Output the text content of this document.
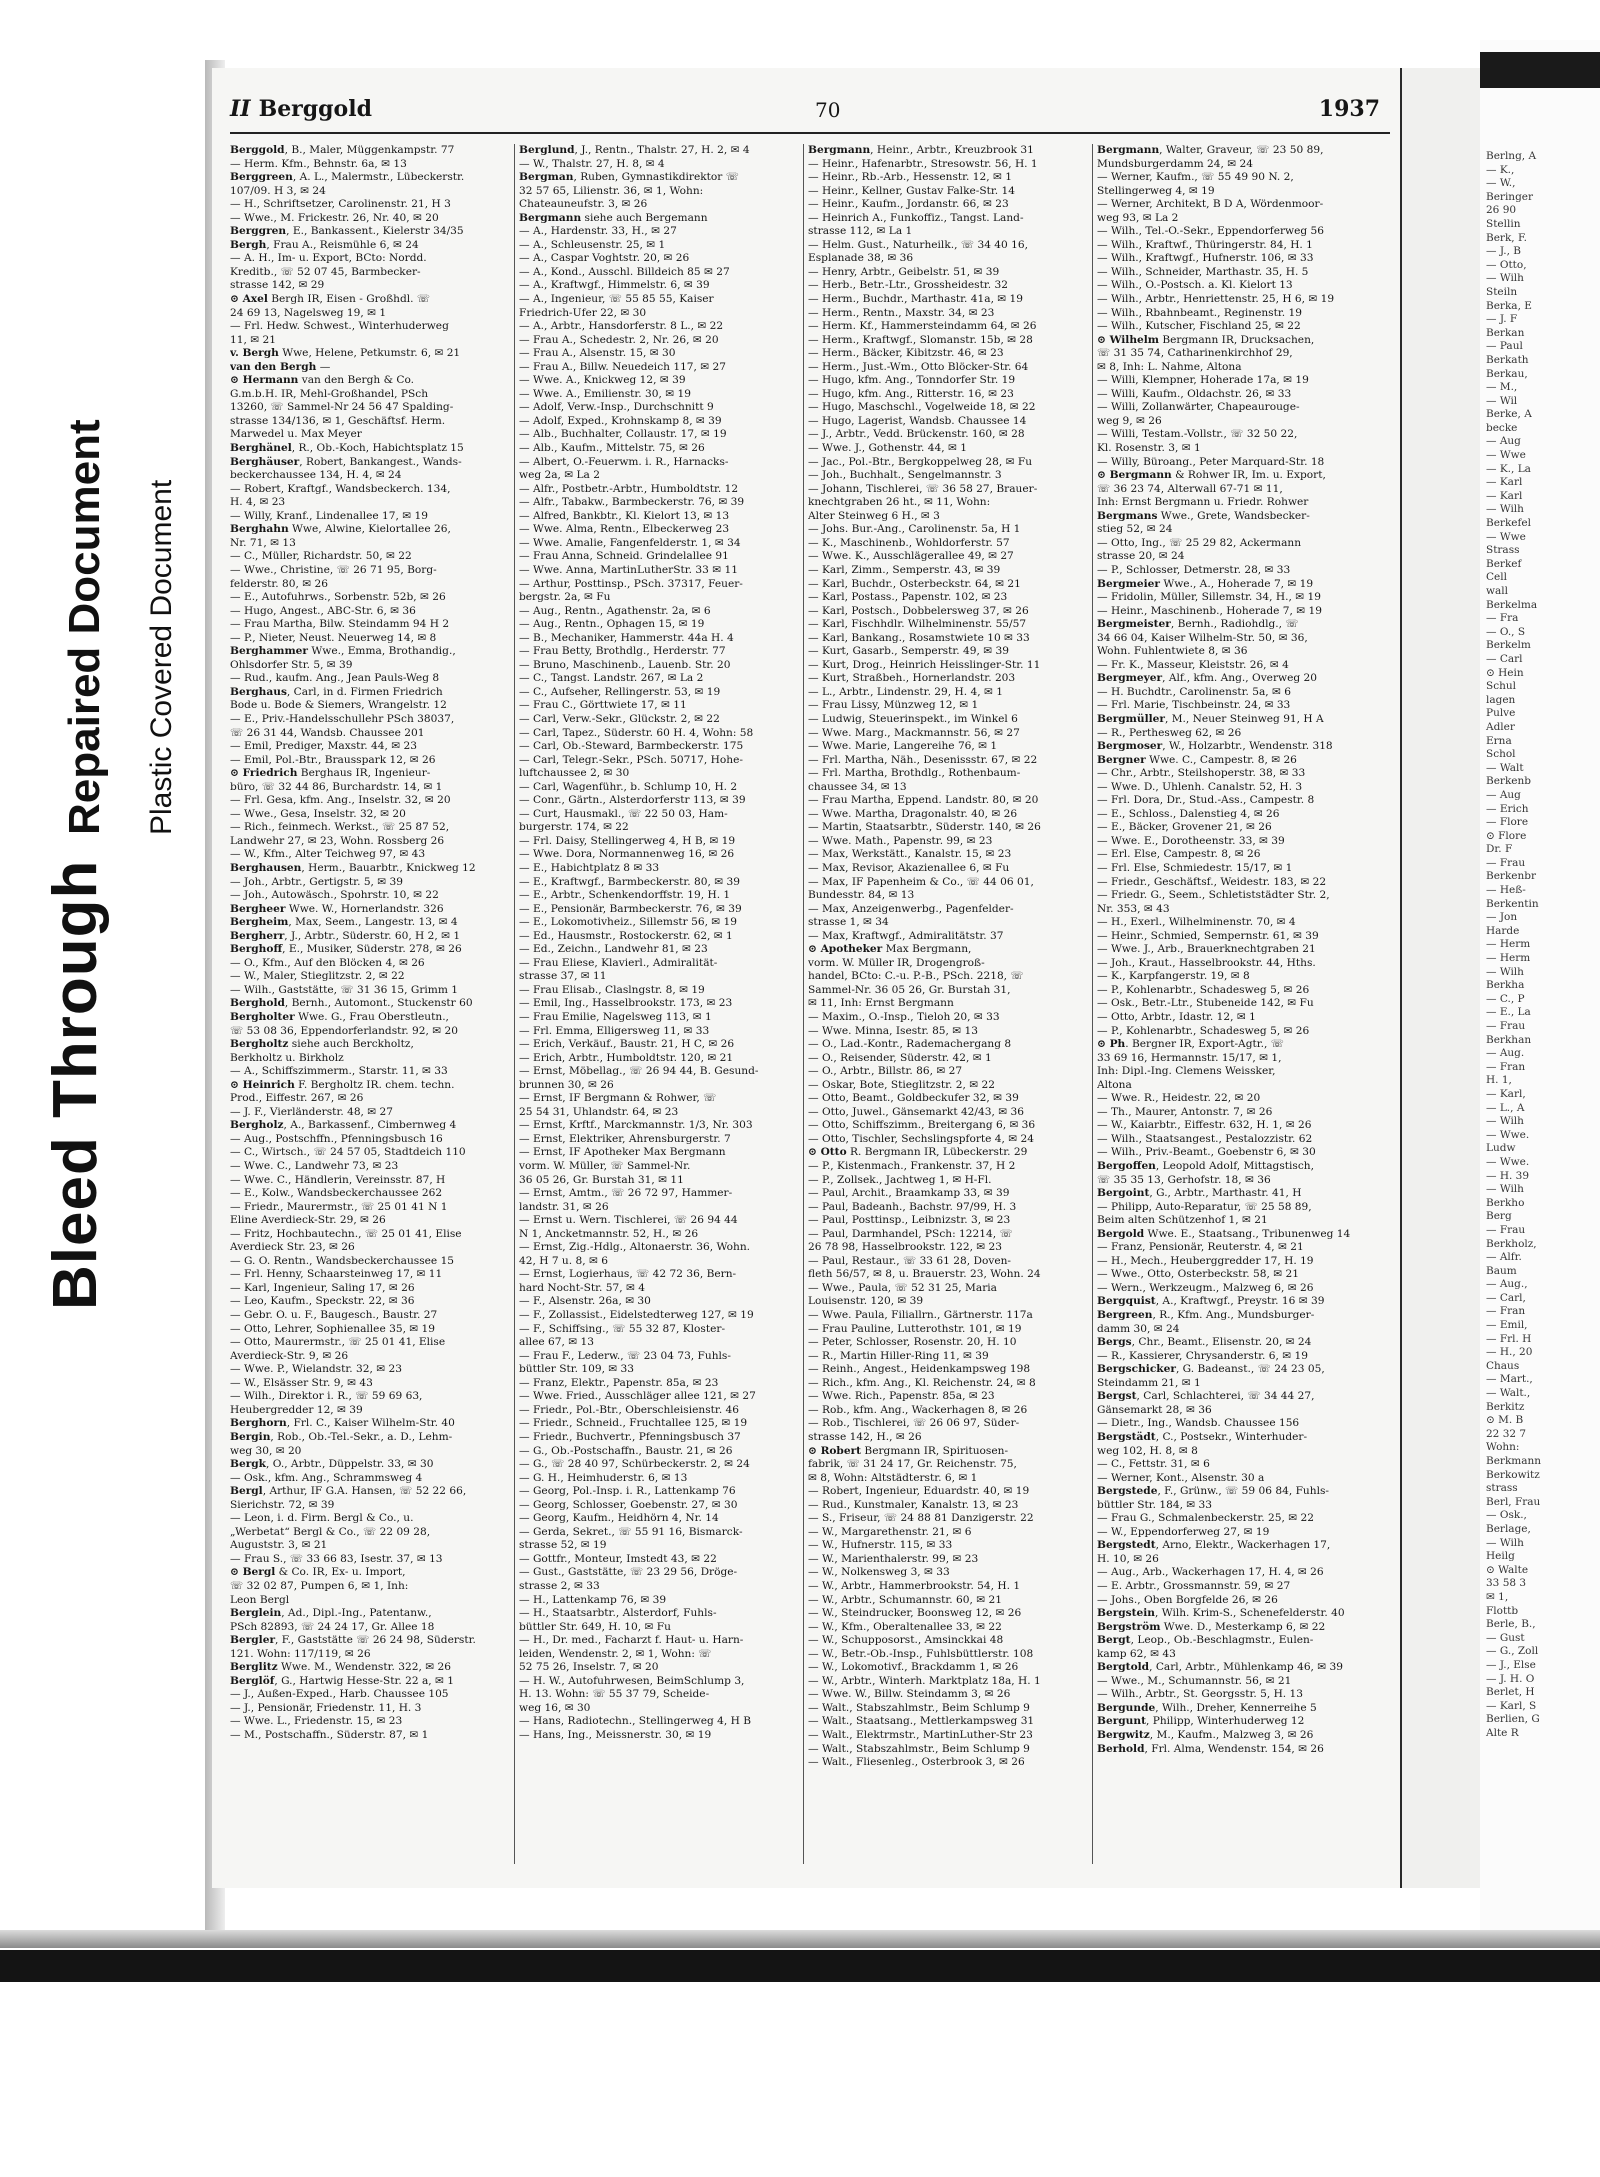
Bleed Through
Repaired Document Plastic Covered Document
II Berggold	70	1937

Berggold, B., Maler, Müggenkampstr. 77

— Herm. Kfm., Behnstr. 6a, ✉ 13

Berggreen, A. L., Malermstr., Lübeckerstr.

107/09. H 3, ✉ 24

— H., Schriftsetzer, Carolinenstr. 21, H 3

— Wwe., M. Frickestr. 26, Nr. 40, ✉ 20

Berggren, E., Bankassent., Kielerstr 34/35

Bergh, Frau A., Reismühle 6, ✉ 24

— A. H., Im- u. Export, BCto: Nordd.

Kreditb., ☏ 52 07 45, Barmbecker-

strasse 142, ✉ 29

⊙ Axel Bergh IR, Eisen - Großhdl. ☏

24 69 13, Nagelsweg 19, ✉ 1

— Frl. Hedw. Schwest., Winterhuderweg

11, ✉ 21

v. Bergh Wwe, Helene, Petkumstr. 6, ✉ 21

van den Bergh —

⊙ Hermann van den Bergh & Co.

G.m.b.H. IR, Mehl-Großhandel, PSch

13260, ☏ Sammel-Nr 24 56 47 Spalding-

strasse 134/136, ✉ 1, Geschäftsf. Herm.

Marwedel u. Max Meyer

Berghänel, R., Ob.-Koch, Habichtsplatz 15

Berghäuser, Robert, Bankangest., Wands-

beckerchaussee 134, H. 4, ✉ 24

— Robert, Kraftgf., Wandsbeckerch. 134,

H. 4, ✉ 23

— Willy, Kranf., Lindenallee 17, ✉ 19

Berghahn Wwe, Alwine, Kielortallee 26,

Nr. 71, ✉ 13

— C., Müller, Richardstr. 50, ✉ 22

— Wwe., Christine, ☏ 26 71 95, Borg-

felderstr. 80, ✉ 26

— E., Autofuhrws., Sorbenstr. 52b, ✉ 26

— Hugo, Angest., ABC-Str. 6, ✉ 36

— Frau Martha, Bilw. Steindamm 94 H 2

— P., Nieter, Neust. Neuerweg 14, ✉ 8

Berghammer Wwe., Emma, Brothandig.,

Ohlsdorfer Str. 5, ✉ 39

— Rud., kaufm. Ang., Jean Pauls-Weg 8

Berghaus, Carl, in d. Firmen Friedrich

Bode u. Bode & Siemers, Wrangelstr. 12

— E., Priv.-Handelsschullehr PSch 38037,

☏ 26 31 44, Wandsb. Chaussee 201

— Emil, Prediger, Maxstr. 44, ✉ 23

— Emil, Pol.-Btr., Brausspark 12, ✉ 26

⊙ Friedrich Berghaus IR, Ingenieur-

büro, ☏ 32 44 86, Burchardstr. 14, ✉ 1

— Frl. Gesa, kfm. Ang., Inselstr. 32, ✉ 20

— Wwe., Gesa, Inselstr. 32, ✉ 20

— Rich., feinmech. Werkst., ☏ 25 87 52,

Landwehr 27, ✉ 23, Wohn. Rossberg 26

— W., Kfm., Alter Teichweg 97, ✉ 43

Berghausen, Herm., Bauarbtr., Knickweg 12

— Joh., Arbtr., Gertigstr. 5, ✉ 39

— Joh., Autowäsch., Spohrstr. 10, ✉ 22

Bergheer Wwe. W., Hornerlandstr. 326

Bergheim, Max, Seem., Langestr. 13, ✉ 4

Bergherr, J., Arbtr., Süderstr. 60, H 2, ✉ 1

Berghoff, E., Musiker, Süderstr. 278, ✉ 26

— O., Kfm., Auf den Blöcken 4, ✉ 26

— W., Maler, Stieglitzstr. 2, ✉ 22

— Wilh., Gaststätte, ☏ 31 36 15, Grimm 1

Berghold, Bernh., Automont., Stuckenstr 60

Bergholter Wwe. G., Frau Oberstleutn.,

☏ 53 08 36, Eppendorferlandstr. 92, ✉ 20

Bergholtz siehe auch Berckholtz,

Berkholtz u. Birkholz

— A., Schiffszimmerm., Starstr. 11, ✉ 33

⊙ Heinrich F. Bergholtz IR. chem. techn.

Prod., Eiffestr. 267, ✉ 26

— J. F., Vierländerstr. 48, ✉ 27

Bergholz, A., Barkassenf., Cimbernweg 4

— Aug., Postschffn., Pfenningsbusch 16

— C., Wirtsch., ☏ 24 57 05, Stadtdeich 110

— Wwe. C., Landwehr 73, ✉ 23

— Wwe. C., Händlerin, Vereinsstr. 87, H

— E., Kolw., Wandsbeckerchaussee 262

— Friedr., Maurermstr., ☏ 25 01 41 N 1

Eline Averdieck-Str. 29, ✉ 26

— Fritz, Hochbautechn., ☏ 25 01 41, Elise

Averdieck Str. 23, ✉ 26

— G. O. Rentn., Wandsbeckerchaussee 15

— Frl. Henny, Schaarsteinweg 17, ✉ 11

— Karl, Ingenieur, Saling 17, ✉ 26

— Leo, Kaufm., Speckstr. 22, ✉ 36

— Gebr. O. u. F., Baugesch., Baustr. 27

— Otto, Lehrer, Sophienallee 35, ✉ 19

— Otto, Maurermstr., ☏ 25 01 41, Elise

Averdieck-Str. 9, ✉ 26

— Wwe. P., Wielandstr. 32, ✉ 23

— W., Elsässer Str. 9, ✉ 43

— Wilh., Direktor i. R., ☏ 59 69 63,

Heubergredder 12, ✉ 39

Berghorn, Frl. C., Kaiser Wilhelm-Str. 40

Bergin, Rob., Ob.-Tel.-Sekr., a. D., Lehm-

weg 30, ✉ 20

Bergk, O., Arbtr., Düppelstr. 33, ✉ 30

— Osk., kfm. Ang., Schrammsweg 4

Bergl, Arthur, IF G.A. Hansen, ☏ 52 22 66,

Sierichstr. 72, ✉ 39

— Leon, i. d. Firm. Bergl & Co., u.

„Werbetat“ Bergl & Co., ☏ 22 09 28,

Auguststr. 3, ✉ 21

— Frau S., ☏ 33 66 83, Isestr. 37, ✉ 13

⊙ Bergl & Co. IR, Ex- u. Import,

☏ 32 02 87, Pumpen 6, ✉ 1, Inh:

Leon Bergl

Berglein, Ad., Dipl.-Ing., Patentanw.,

PSch 82893, ☏ 24 24 17, Gr. Allee 18

Bergler, F., Gaststätte ☏ 26 24 98, Süderstr.

121. Wohn: 117/119, ✉ 26

Berglitz Wwe. M., Wendenstr. 322, ✉ 26

Berglöf, G., Hartwig Hesse-Str. 22 a, ✉ 1

— J., Außen-Exped., Harb. Chaussee 105

— J., Pensionär, Friedenstr. 11, H. 3

— Wwe. L., Friedenstr. 15, ✉ 23

— M., Postschaffn., Süderstr. 87, ✉ 1

Berglund, J., Rentn., Thalstr. 27, H. 2, ✉ 4

— W., Thalstr. 27, H. 8, ✉ 4

Bergman, Ruben, Gymnastikdirektor ☏

32 57 65, Lilienstr. 36, ✉ 1, Wohn:

Chateauneufstr. 3, ✉ 26

Bergmann siehe auch Bergemann

— A., Hardenstr. 33, H., ✉ 27

— A., Schleusenstr. 25, ✉ 1

— A., Caspar Voghtstr. 20, ✉ 26

— A., Kond., Ausschl. Billdeich 85 ✉ 27

— A., Kraftwgf., Himmelstr. 6, ✉ 39

— A., Ingenieur, ☏ 55 85 55, Kaiser

Friedrich-Ufer 22, ✉ 30

— A., Arbtr., Hansdorferstr. 8 L., ✉ 22

— Frau A., Schedestr. 2, Nr. 26, ✉ 20

— Frau A., Alsenstr. 15, ✉ 30

— Frau A., Billw. Neuedeich 117, ✉ 27

— Wwe. A., Knickweg 12, ✉ 39

— Wwe. A., Emilienstr. 30, ✉ 19

— Adolf, Verw.-Insp., Durchschnitt 9

— Adolf, Exped., Krohnskamp 8, ✉ 39

— Alb., Buchhalter, Collaustr. 17, ✉ 19

— Alb., Kaufm., Mittelstr. 75, ✉ 26

— Albert, O.-Feuerwm. i. R., Harnacks-

weg 2a, ✉ La 2

— Alfr., Postbetr.-Arbtr., Humboldtstr. 12

— Alfr., Tabakw., Barmbeckerstr. 76, ✉ 39

— Alfred, Bankbtr., Kl. Kielort 13, ✉ 13

— Wwe. Alma, Rentn., Elbeckerweg 23

— Wwe. Amalie, Fangenfelderstr. 1, ✉ 34

— Frau Anna, Schneid. Grindelallee 91

— Wwe. Anna, MartinLutherStr. 33 ✉ 11

— Arthur, Posttinsp., PSch. 37317, Feuer-

bergstr. 2a, ✉ Fu

— Aug., Rentn., Agathenstr. 2a, ✉ 6

— Aug., Rentn., Ophagen 15, ✉ 19

— B., Mechaniker, Hammerstr. 44a H. 4

— Frau Betty, Brothdlg., Herderstr. 77

— Bruno, Maschinenb., Lauenb. Str. 20

— C., Tangst. Landstr. 267, ✉ La 2

— C., Aufseher, Rellingerstr. 53, ✉ 19

— Frau C., Görttwiete 17, ✉ 11

— Carl, Verw.-Sekr., Glückstr. 2, ✉ 22

— Carl, Tapez., Süderstr. 60 H. 4, Wohn: 58

— Carl, Ob.-Steward, Barmbeckerstr. 175

— Carl, Telegr.-Sekr., PSch. 50717, Hohe-

luftchaussee 2, ✉ 30

— Carl, Wagenführ., b. Schlump 10, H. 2

— Conr., Gärtn., Alsterdorferstr 113, ✉ 39

— Curt, Hausmakl., ☏ 22 50 03, Ham-

burgerstr. 174, ✉ 22

— Frl. Daisy, Stellingerweg 4, H B, ✉ 19

— Wwe. Dora, Normannenweg 16, ✉ 26

— E., Habichtplatz 8 ✉ 33

— E., Kraftwgf., Barmbeckerstr. 80, ✉ 39

— E., Arbtr., Schenkendorffstr. 19, H. 1

— E., Pensionär, Barmbeckerstr. 76, ✉ 39

— E., Lokomotivheiz., Sillemstr 56, ✉ 19

— Ed., Hausmstr., Rostockerstr. 62, ✉ 1

— Ed., Zeichn., Landwehr 81, ✉ 23

— Frau Eliese, Klavierl., Admiralität-

strasse 37, ✉ 11

— Frau Elisab., Claslngstr. 8, ✉ 19

— Emil, Ing., Hasselbrookstr. 173, ✉ 23

— Frau Emilie, Nagelsweg 113, ✉ 1

— Frl. Emma, Elligersweg 11, ✉ 33

— Erich, Verkäuf., Baustr. 21, H C, ✉ 26

— Erich, Arbtr., Humboldtstr. 120, ✉ 21

— Ernst, Möbellag., ☏ 26 94 44, B. Gesund-

brunnen 30, ✉ 26

— Ernst, IF Bergmann & Rohwer, ☏

25 54 31, Uhlandstr. 64, ✉ 23

— Ernst, Krftf., Marckmannstr. 1/3, Nr. 303

— Ernst, Elektriker, Ahrensburgerstr. 7

— Ernst, IF Apotheker Max Bergmann

vorm. W. Müller, ☏ Sammel-Nr.

36 05 26, Gr. Burstah 31, ✉ 11

— Ernst, Amtm., ☏ 26 72 97, Hammer-

landstr. 31, ✉ 26

— Ernst u. Wern. Tischlerei, ☏ 26 94 44

N 1, Ancketmannstr. 52, H., ✉ 26

— Ernst, Zig.-Hdlg., Altonaerstr. 36, Wohn.

42, H 7 u. 8, ✉ 6

— Ernst, Logierhaus, ☏ 42 72 36, Bern-

hard Nocht-Str. 57, ✉ 4

— F., Alsenstr. 26a, ✉ 30

— F., Zollassist., Eidelstedterweg 127, ✉ 19

— F., Schiffsing., ☏ 55 32 87, Kloster-

allee 67, ✉ 13

— Frau F., Lederw., ☏ 23 04 73, Fuhls-

büttler Str. 109, ✉ 33

— Franz, Elektr., Papenstr. 85a, ✉ 23

— Wwe. Fried., Ausschläger allee 121, ✉ 27

— Friedr., Pol.-Btr., Oberschleisienstr. 46

— Friedr., Schneid., Fruchtallee 125, ✉ 19

— Friedr., Buchvertr., Pfenningsbusch 37

— G., Ob.-Postschaffn., Baustr. 21, ✉ 26

— G., ☏ 28 40 97, Schürbeckerstr. 2, ✉ 24

— G. H., Heimhuderstr. 6, ✉ 13

— Georg, Pol.-Insp. i. R., Lattenkamp 76

— Georg, Schlosser, Goebenstr. 27, ✉ 30

— Georg, Kaufm., Heidhörn 4, Nr. 14

— Gerda, Sekret., ☏ 55 91 16, Bismarck-

strasse 52, ✉ 19

— Gottfr., Monteur, Imstedt 43, ✉ 22

— Gust., Gaststätte, ☏ 23 29 56, Dröge-

strasse 2, ✉ 33

— H., Lattenkamp 76, ✉ 39

— H., Staatsarbtr., Alsterdorf, Fuhls-

büttler Str. 649, H. 10, ✉ Fu

— H., Dr. med., Facharzt f. Haut- u. Harn-

leiden, Wendenstr. 2, ✉ 1, Wohn: ☏

52 75 26, Inselstr. 7, ✉ 20

— H. W., Autofuhrwesen, BeimSchlump 3,

H. 13. Wohn: ☏ 55 37 79, Scheide-

weg 16, ✉ 30

— Hans, Radiotechn., Stellingerweg 4, H B

— Hans, Ing., Meissnerstr. 30, ✉ 19

Bergmann, Heinr., Arbtr., Kreuzbrook 31

— Heinr., Hafenarbtr., Stresowstr. 56, H. 1

— Heinr., Rb.-Arb., Hessenstr. 12, ✉ 1

— Heinr., Kellner, Gustav Falke-Str. 14

— Heinr., Kaufm., Jordanstr. 66, ✉ 23

— Heinrich A., Funkoffiz., Tangst. Land-

strasse 112, ✉ La 1

— Helm. Gust., Naturheilk., ☏ 34 40 16,

Esplanade 38, ✉ 36

— Henry, Arbtr., Geibelstr. 51, ✉ 39

— Herb., Betr.-Ltr., Grossheidestr. 32

— Herm., Buchdr., Marthastr. 41a, ✉ 19

— Herm., Rentn., Maxstr. 34, ✉ 23

— Herm. Kf., Hammersteindamm 64, ✉ 26

— Herm., Kraftwgf., Slomanstr. 15b, ✉ 28

— Herm., Bäcker, Kibitzstr. 46, ✉ 23

— Herm., Just.-Wm., Otto Blöcker-Str. 64

— Hugo, kfm. Ang., Tonndorfer Str. 19

— Hugo, kfm. Ang., Ritterstr. 16, ✉ 23

— Hugo, Maschschl., Vogelweide 18, ✉ 22

— Hugo, Lagerist, Wandsb. Chaussee 14

— J., Arbtr., Vedd. Brückenstr. 160, ✉ 28

— Wwe. J., Gothenstr. 44, ✉ 1

— Jac., Pol.-Btr., Bergkoppelweg 28, ✉ Fu

— Joh., Buchhalt., Sengelmannstr. 3

— Johann, Tischlerei, ☏ 36 58 27, Brauer-

knechtgraben 26 ht., ✉ 11, Wohn:

Alter Steinweg 6 H., ✉ 3

— Johs. Bur.-Ang., Carolinenstr. 5a, H 1

— K., Maschinenb., Wohldorferstr. 57

— Wwe. K., Ausschlägerallee 49, ✉ 27

— Karl, Zimm., Semperstr. 43, ✉ 39

— Karl, Buchdr., Osterbeckstr. 64, ✉ 21

— Karl, Postass., Papenstr. 102, ✉ 23

— Karl, Postsch., Dobbelersweg 37, ✉ 26

— Karl, Fischhdlr. Wilhelminenstr. 55/57

— Karl, Bankang., Rosamstwiete 10 ✉ 33

— Kurt, Gasarb., Semperstr. 49, ✉ 39

— Kurt, Drog., Heinrich Heisslinger-Str. 11

— Kurt, Straßbeh., Hornerlandstr. 203

— L., Arbtr., Lindenstr. 29, H. 4, ✉ 1

— Frau Lissy, Münzweg 12, ✉ 1

— Ludwig, Steuerinspekt., im Winkel 6

— Wwe. Marg., Mackmannstr. 56, ✉ 27

— Wwe. Marie, Langereihe 76, ✉ 1

— Frl. Martha, Näh., Desenissstr. 67, ✉ 22

— Frl. Martha, Brothdlg., Rothenbaum-

chaussee 34, ✉ 13

— Frau Martha, Eppend. Landstr. 80, ✉ 20

— Wwe. Martha, Dragonalstr. 40, ✉ 26

— Martin, Staatsarbtr., Süderstr. 140, ✉ 26

— Wwe. Math., Papenstr. 99, ✉ 23

— Max, Werkstätt., Kanalstr. 15, ✉ 23

— Max, Revisor, Akazienallee 6, ✉ Fu

— Max, IF Papenheim & Co., ☏ 44 06 01,

Bundesstr. 84, ✉ 13

— Max, Anzeigenwerbg., Pagenfelder-

strasse 1, ✉ 34

— Max, Kraftwgf., Admiralitätstr. 37

⊙ Apotheker Max Bergmann,

vorm. W. Müller IR, Drogengroß-

handel, BCto: C.-u. P.-B., PSch. 2218, ☏

Sammel-Nr. 36 05 26, Gr. Burstah 31,

✉ 11, Inh: Ernst Bergmann

— Maxim., O.-Insp., Tieloh 20, ✉ 33

— Wwe. Minna, Isestr. 85, ✉ 13

— O., Lad.-Kontr., Rademachergang 8

— O., Reisender, Süderstr. 42, ✉ 1

— O., Arbtr., Billstr. 86, ✉ 27

— Oskar, Bote, Stieglitzstr. 2, ✉ 22

— Otto, Beamt., Goldbeckufer 32, ✉ 39

— Otto, Juwel., Gänsemarkt 42/43, ✉ 36

— Otto, Schiffszimm., Breitergang 6, ✉ 36

— Otto, Tischler, Sechslingspforte 4, ✉ 24

⊙ Otto R. Bergmann IR, Lübeckerstr. 29

— P., Kistenmach., Frankenstr. 37, H 2

— P., Zollsek., Jachtweg 1, ✉ H-Fl.

— Paul, Archit., Braamkamp 33, ✉ 39

— Paul, Badeanh., Bachstr. 97/99, H. 3

— Paul, Posttinsp., Leibnizstr. 3, ✉ 23

— Paul, Darmhandel, PSch: 12214, ☏

26 78 98, Hasselbrookstr. 122, ✉ 23

— Paul, Restaur., ☏ 33 61 28, Doven-

fleth 56/57, ✉ 8, u. Brauerstr. 23, Wohn. 24

— Wwe., Paula, ☏ 52 31 25, Maria

Louisenstr. 120, ✉ 39

— Wwe. Paula, Filiallrn., Gärtnerstr. 117a

— Frau Pauline, Lutterothstr. 101, ✉ 19

— Peter, Schlosser, Rosenstr. 20, H. 10

— R., Martin Hiller-Ring 11, ✉ 39

— Reinh., Angest., Heidenkampsweg 198

— Rich., kfm. Ang., Kl. Reichenstr. 24, ✉ 8

— Wwe. Rich., Papenstr. 85a, ✉ 23

— Rob., kfm. Ang., Wackerhagen 8, ✉ 26

— Rob., Tischlerei, ☏ 26 06 97, Süder-

strasse 142, H., ✉ 26

⊙ Robert Bergmann IR, Spirituosen-

fabrik, ☏ 31 24 17, Gr. Reichenstr. 75,

✉ 8, Wohn: Altstädterstr. 6, ✉ 1

— Robert, Ingenieur, Eduardstr. 40, ✉ 19

— Rud., Kunstmaler, Kanalstr. 13, ✉ 23

— S., Friseur, ☏ 24 88 81 Danzigerstr. 22

— W., Margarethenstr. 21, ✉ 6

— W., Hufnerstr. 115, ✉ 33

— W., Marienthalerstr. 99, ✉ 23

— W., Nolkensweg 3, ✉ 33

— W., Arbtr., Hammerbrookstr. 54, H. 1

— W., Arbtr., Schumannstr. 60, ✉ 21

— W., Steindrucker, Boonsweg 12, ✉ 26

— W., Kfm., Oberaltenallee 33, ✉ 22

— W., Schupposorst., Amsinckkai 48

— W., Betr.-Ob.-Insp., Fuhlsbüttlerstr. 108

— W., Lokomotivf., Brackdamm 1, ✉ 26

— W., Arbtr., Winterh. Marktplatz 18a, H. 1

— Wwe. W., Billw. Steindamm 3, ✉ 26

— Walt., Stabszahlmstr., Beim Schlump 9

— Walt., Staatsang., Mettlerkampsweg 31

— Walt., Elektrmstr., MartinLuther-Str 23

— Walt., Stabszahlmstr., Beim Schlump 9

— Walt., Fliesenleg., Osterbrook 3, ✉ 26

Bergmann, Walter, Graveur, ☏ 23 50 89,

Mundsburgerdamm 24, ✉ 24

— Werner, Kaufm., ☏ 55 49 90 N. 2,

Stellingerweg 4, ✉ 19

— Werner, Architekt, B D A, Wördenmoor-

weg 93, ✉ La 2

— Wilh., Tel.-O.-Sekr., Eppendorferweg 56

— Wilh., Kraftwf., Thüringerstr. 84, H. 1

— Wilh., Kraftwgf., Hufnerstr. 106, ✉ 33

— Wilh., Schneider, Marthastr. 35, H. 5

— Wilh., O.-Postsch. a. Kl. Kielort 13

— Wilh., Arbtr., Henriettenstr. 25, H 6, ✉ 19

— Wilh., Rbahnbeamt., Reginenstr. 19

— Wilh., Kutscher, Fischland 25, ✉ 22

⊙ Wilhelm Bergmann IR, Drucksachen,

☏ 31 35 74, Catharinenkirchhof 29,

✉ 8, Inh: L. Nahme, Altona

— Willi, Klempner, Hoherade 17a, ✉ 19

— Willi, Kaufm., Oldachstr. 26, ✉ 33

— Willi, Zollanwärter, Chapeaurouge-

weg 9, ✉ 26

— Willi, Testam.-Vollstr., ☏ 32 50 22,

Kl. Rosenstr. 3, ✉ 1

— Willy, Büroang., Peter Marquard-Str. 18

⊙ Bergmann & Rohwer IR, Im. u. Export,

☏ 36 23 74, Alterwall 67-71 ✉ 11,

Inh: Ernst Bergmann u. Friedr. Rohwer

Bergmans Wwe., Grete, Wandsbecker-

stieg 52, ✉ 24

— Otto, Ing., ☏ 25 29 82, Ackermann

strasse 20, ✉ 24

— P., Schlosser, Detmerstr. 28, ✉ 33

Bergmeier Wwe., A., Hoherade 7, ✉ 19

— Fridolin, Müller, Sillemstr. 34, H., ✉ 19

— Heinr., Maschinenb., Hoherade 7, ✉ 19

Bergmeister, Bernh., Radiohdlg., ☏

34 66 04, Kaiser Wilhelm-Str. 50, ✉ 36,

Wohn. Fuhlentwiete 8, ✉ 36

— Fr. K., Masseur, Kleiststr. 26, ✉ 4

Bergmeyer, Alf., kfm. Ang., Overweg 20

— H. Buchdtr., Carolinenstr. 5a, ✉ 6

— Frl. Marie, Tischbeinstr. 24, ✉ 33

Bergmüller, M., Neuer Steinweg 91, H A

— R., Perthesweg 62, ✉ 26

Bergmoser, W., Holzarbtr., Wendenstr. 318

Bergner Wwe. C., Campestr. 8, ✉ 26

— Chr., Arbtr., Steilshoperstr. 38, ✉ 33

— Wwe. D., Uhlenh. Canalstr. 52, H. 3

— Frl. Dora, Dr., Stud.-Ass., Campestr. 8

— E., Schloss., Dalenstieg 4, ✉ 26

— E., Bäcker, Grovener 21, ✉ 26

— Wwe. E., Dorotheenstr. 33, ✉ 39

— Erl. Else, Campestr. 8, ✉ 26

— Frl. Else, Schmiedestr. 15/17, ✉ 1

— Friedr., Geschäftsf., Weidestr. 183, ✉ 22

— Friedr. G., Seem., Schletiststädter Str. 2,

Nr. 353, ✉ 43

— H., Exerl., Wilhelminenstr. 70, ✉ 4

— Heinr., Schmied, Sempernstr. 61, ✉ 39

— Wwe. J., Arb., Brauerknechtgraben 21

— Joh., Kraut., Hasselbrookstr. 44, Hths.

— K., Karpfangerstr. 19, ✉ 8

— P., Kohlenarbtr., Schadesweg 5, ✉ 26

— Osk., Betr.-Ltr., Stubeneide 142, ✉ Fu

— Otto, Arbtr., Idastr. 12, ✉ 1

— P., Kohlenarbtr., Schadesweg 5, ✉ 26

⊙ Ph. Bergner IR, Export-Agtr., ☏

33 69 16, Hermannstr. 15/17, ✉ 1,

Inh: Dipl.-Ing. Clemens Weissker,

Altona

— Wwe. R., Heidestr. 22, ✉ 20

— Th., Maurer, Antonstr. 7, ✉ 26

— W., Kaiarbtr., Eiffestr. 632, H. 1, ✉ 26

— Wilh., Staatsangest., Pestalozzistr. 62

— Wilh., Priv.-Beamt., Goebenstr 6, ✉ 30

Bergoffen, Leopold Adolf, Mittagstisch,

☏ 35 35 13, Gerhofstr. 18, ✉ 36

Bergoint, G., Arbtr., Marthastr. 41, H

— Philipp, Auto-Reparatur, ☏ 25 58 89,

Beim alten Schützenhof 1, ✉ 21

Bergold Wwe. E., Staatsang., Tribunenweg 14

— Franz, Pensionär, Reuterstr. 4, ✉ 21

— H., Mech., Heuberggredder 17, H. 19

— Wwe., Otto, Osterbeckstr. 58, ✉ 21

— Wern., Werkzeugm., Malzweg 6, ✉ 26

Bergquist, A., Kraftwgf., Preystr. 16 ✉ 39

Bergreen, R., Kfm. Ang., Mundsburger-

damm 30, ✉ 24

Bergs, Chr., Beamt., Elisenstr. 20, ✉ 24

— R., Kassierer, Chrysanderstr. 6, ✉ 19

Bergschicker, G. Badeanst., ☏ 24 23 05,

Steindamm 21, ✉ 1

Bergst, Carl, Schlachterei, ☏ 34 44 27,

Gänsemarkt 28, ✉ 36

— Dietr., Ing., Wandsb. Chaussee 156

Bergstädt, C., Postsekr., Winterhuder-

weg 102, H. 8, ✉ 8

— C., Fettstr. 31, ✉ 6

— Werner, Kont., Alsenstr. 30 a

Bergstede, F., Grünw., ☏ 59 06 84, Fuhls-

büttler Str. 184, ✉ 33

— Frau G., Schmalenbeckerstr. 25, ✉ 22

— W., Eppendorferweg 27, ✉ 19

Bergstedt, Arno, Elektr., Wackerhagen 17,

H. 10, ✉ 26

— Aug., Arb., Wackerhagen 17, H. 4, ✉ 26

— E. Arbtr., Grossmannstr. 59, ✉ 27

— Johs., Oben Borgfelde 26, ✉ 26

Bergstein, Wilh. Krim-S., Schenefelderstr. 40

Bergström Wwe. D., Mesterkamp 6, ✉ 22

Bergt, Leop., Ob.-Beschlagmstr., Eulen-

kamp 62, ✉ 43

Bergtold, Carl, Arbtr., Mühlenkamp 46, ✉ 39

— Wwe., M., Schumannstr. 56, ✉ 21

— Wilh., Arbtr., St. Georgsstr. 5, H. 13

Bergunde, Wilh., Dreher, Kennerreihe 5

Bergunt, Philipp, Winterhuderweg 12

Bergwitz, M., Kaufm., Malzweg 3, ✉ 26

Berhold, Frl. Alma, Wendenstr. 154, ✉ 26

Berlng, A
— K.,
— W.,
Beringer
26 90
Stellin
Berk, F.
— J., B
— Otto,
— Wilh
Steiln
Berka, E
— J. F
Berkan
— Paul
Berkath
Berkau,
— M.,
— Wil
Berke, A
becke
— Aug
— Wwe
— K., La
— Karl
— Karl
— Wilh
Berkefel
— Wwe
Strass
Berkef
Cell
wall
Berkelma
— Fra
— O., S
Berkelm
— Carl
⊙ Hein
Schul
lagen
Pulve
Adler
Erna
Schol
— Walt
Berkenb
— Aug
— Erich
— Flore
⊙ Flore
Dr. F
— Frau
Berkenbr
— Heß-
Berkentin
— Jon
Harde
— Herm
— Herm
— Wilh
Berkha
— C., P
— E., La
— Frau
Berkhan
— Aug.
— Fran
H. 1,
— Karl,
— L., A
— Wilh
— Wwe.
Ludw
— Wwe.
— H. 39
— Wilh
Berkho
Berg
— Frau
Berkholz,
— Alfr.
Baum
— Aug.,
— Carl,
— Fran
— Emil,
— Frl. H
— H., 20
Chaus
— Mart.,
— Walt.,
Berkitz
⊙ M. B
22 32 7
Wohn:
Berkmann
Berkowitz
strass
Berl, Frau
— Osk.,
Berlage,
— Wilh
Heilg
⊙ Walte
33 58 3
✉ 1,
Flottb
Berle, B.,
— Gust
— G., Zoll
— J., Else
— J. H. O
Berlet, H
— Karl, S
Berlien, G
Alte R
